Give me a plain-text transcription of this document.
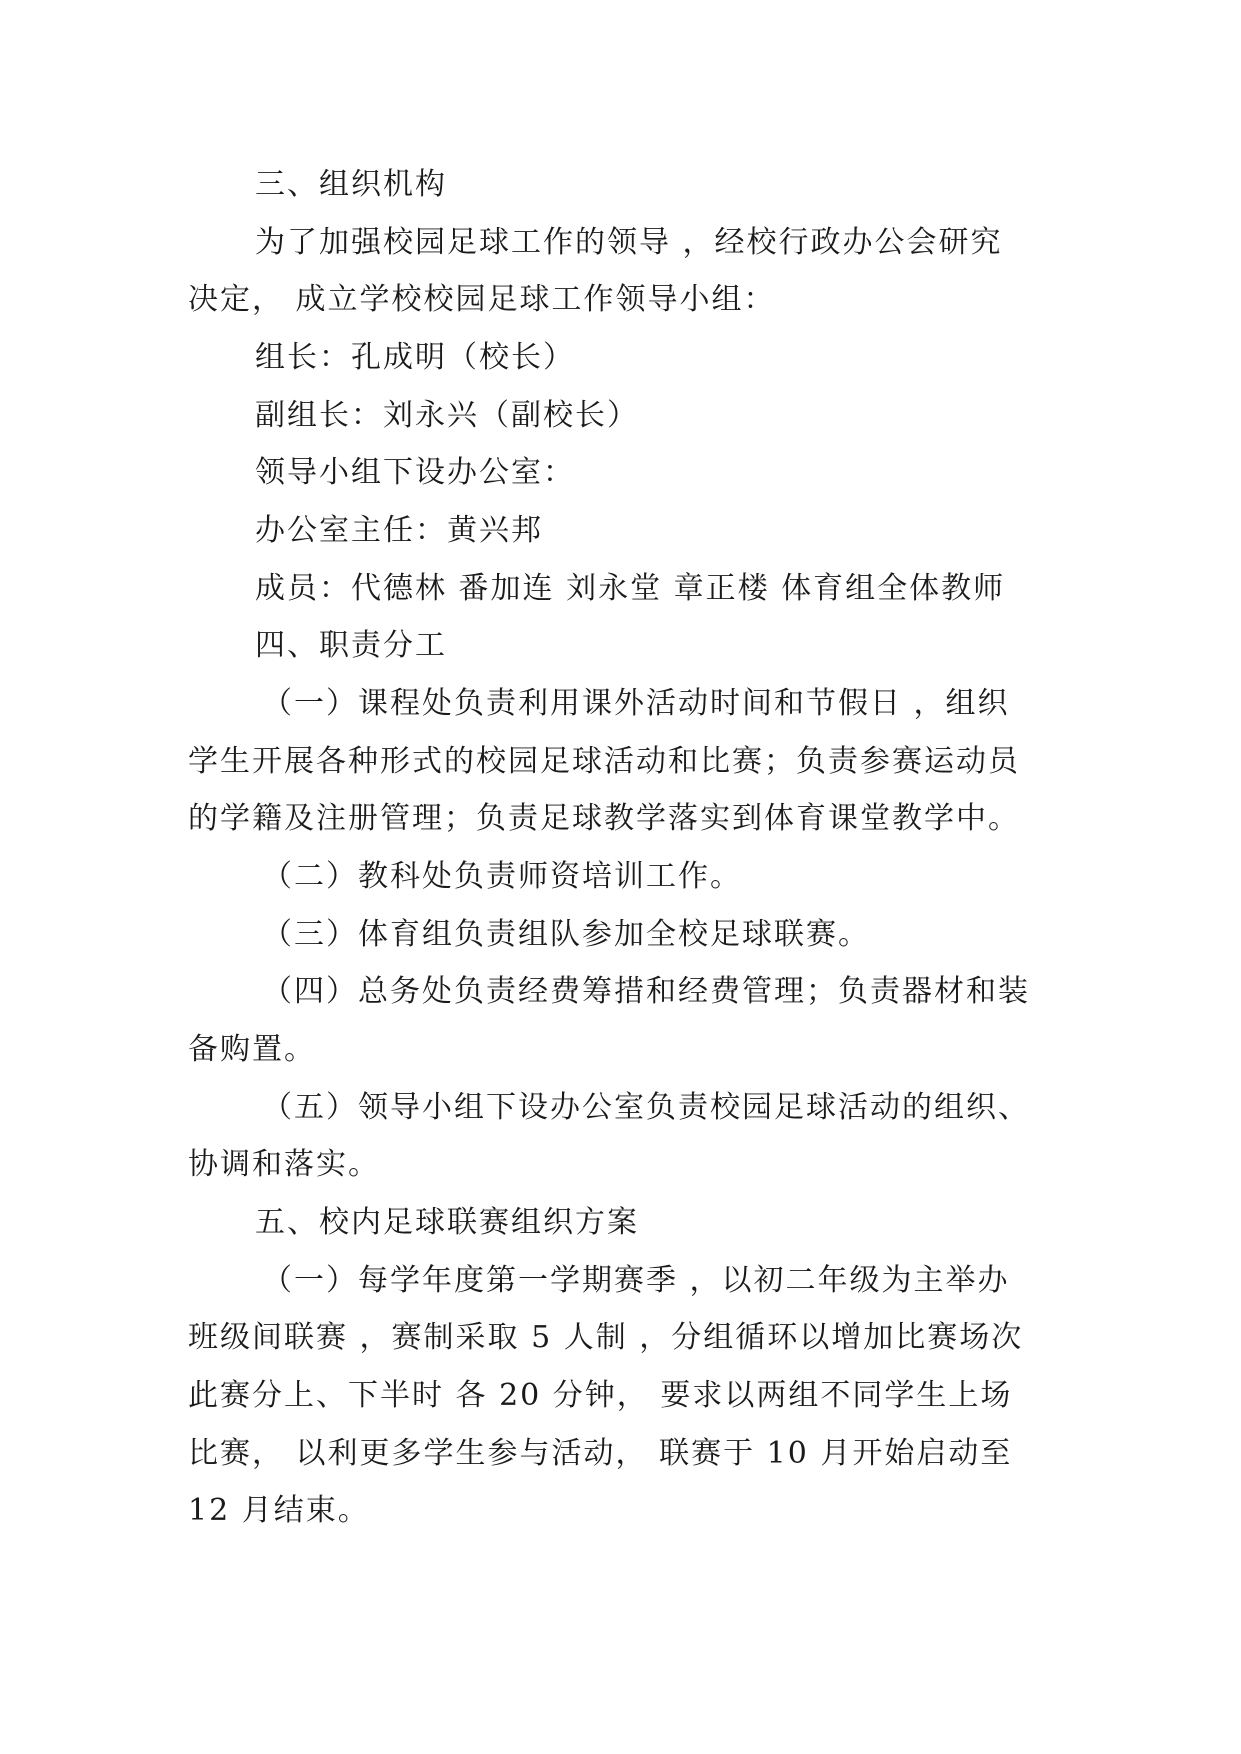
三、组织机构
为了加强校园足球工作的领导 ，经校行政办公会研究
决定， 成立学校校园足球工作领导小组：
组长：孔成明（校长）
副组长：刘永兴（副校长）
领导小组下设办公室：
办公室主任：黄兴邦
成员：代德林 番加连 刘永堂 章正楼 体育组全体教师
四、职责分工
（一）课程处负责利用课外活动时间和节假日 ，组织
学生开展各种形式的校园足球活动和比赛；负责参赛运动员
的学籍及注册管理；负责足球教学落实到体育课堂教学中。
（二）教科处负责师资培训工作。
（三）体育组负责组队参加全校足球联赛。
（四）总务处负责经费筹措和经费管理；负责器材和装
备购置。
（五）领导小组下设办公室负责校园足球活动的组织、
协调和落实。
五、校内足球联赛组织方案
（一）每学年度第一学期赛季 ，以初二年级为主举办
班级间联赛 ，赛制采取 5 人制 ，分组循环以增加比赛场次
此赛分上、下半时 各 20 分钟， 要求以两组不同学生上场
比赛， 以利更多学生参与活动， 联赛于 10 月开始启动至
12 月结束。
